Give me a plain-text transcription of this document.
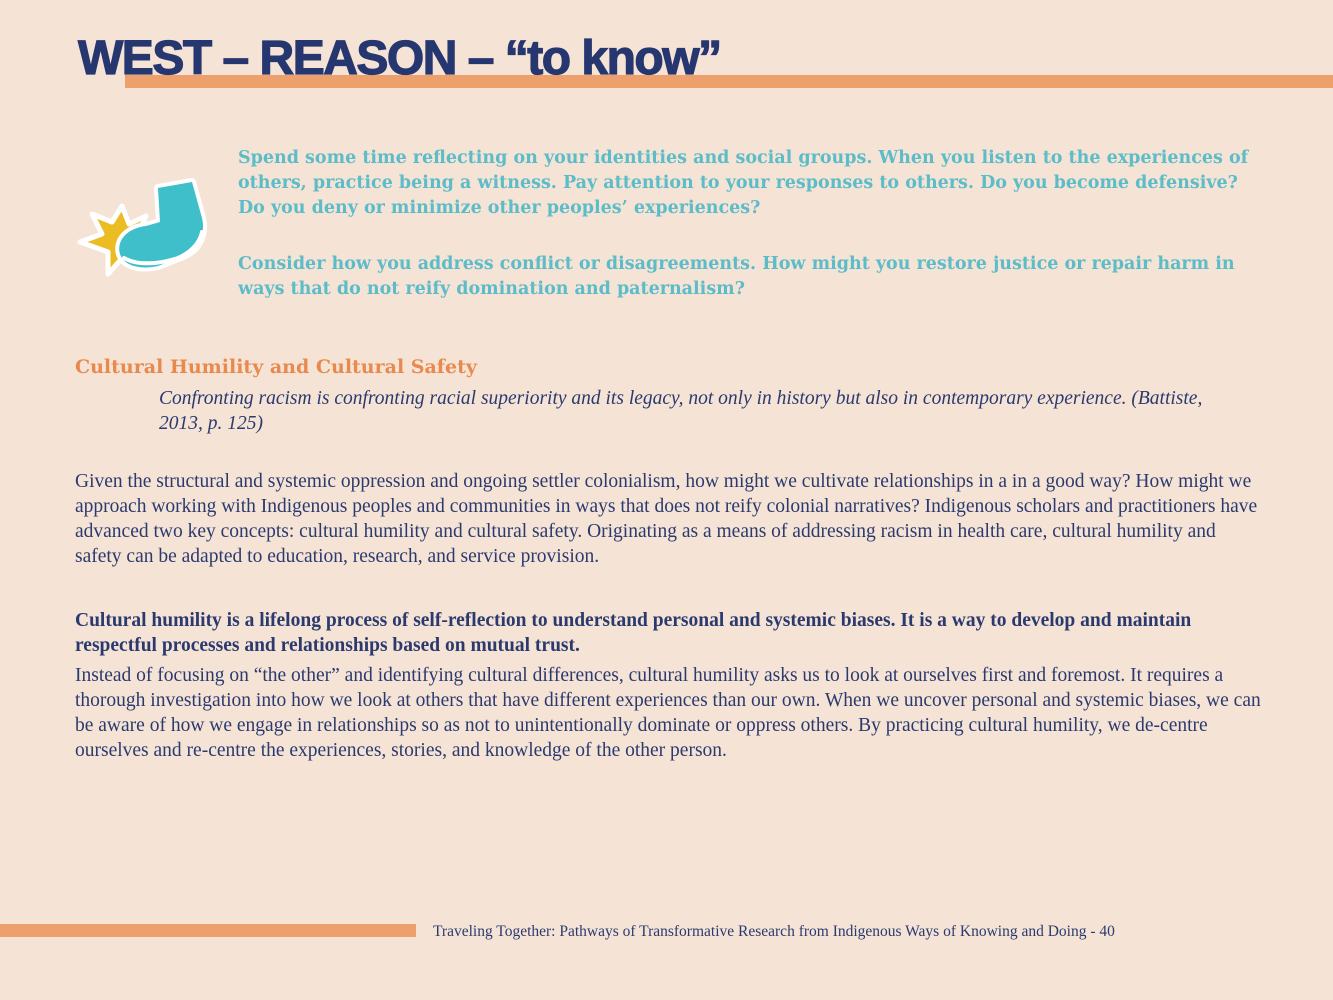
WEST – REASON – “to know”

Spend some time reflecting on your identities and social groups. When you listen to the experiences of others, practice being a witness. Pay attention to your responses to others. Do you become defensive? Do you deny or minimize other peoples’ experiences?

Consider how you address conflict or disagreements. How might you restore justice or repair harm in ways that do not reify domination and paternalism?

Cultural Humility and Cultural Safety

Confronting racism is confronting racial superiority and its legacy, not only in history but also in contemporary experience. (Battiste, 2013, p. 125)

Given the structural and systemic oppression and ongoing settler colonialism, how might we cultivate relationships in a in a good way? How might we approach working with Indigenous peoples and communities in ways that does not reify colonial narratives? Indigenous scholars and practitioners have advanced two key concepts: cultural humility and cultural safety. Originating as a means of addressing racism in health care, cultural humility and safety can be adapted to education, research, and service provision.

Cultural humility is a lifelong process of self-reflection to understand personal and systemic biases. It is a way to develop and maintain respectful processes and relationships based on mutual trust.

Instead of focusing on “the other” and identifying cultural differences, cultural humility asks us to look at ourselves first and foremost. It requires a thorough investigation into how we look at others that have different experiences than our own. When we uncover personal and systemic biases, we can be aware of how we engage in relationships so as not to unintentionally dominate or oppress others. By practicing cultural humility, we de-centre ourselves and re-centre the experiences, stories, and knowledge of the other person.

Traveling Together: Pathways of Transformative Research from Indigenous Ways of Knowing and Doing - 40
